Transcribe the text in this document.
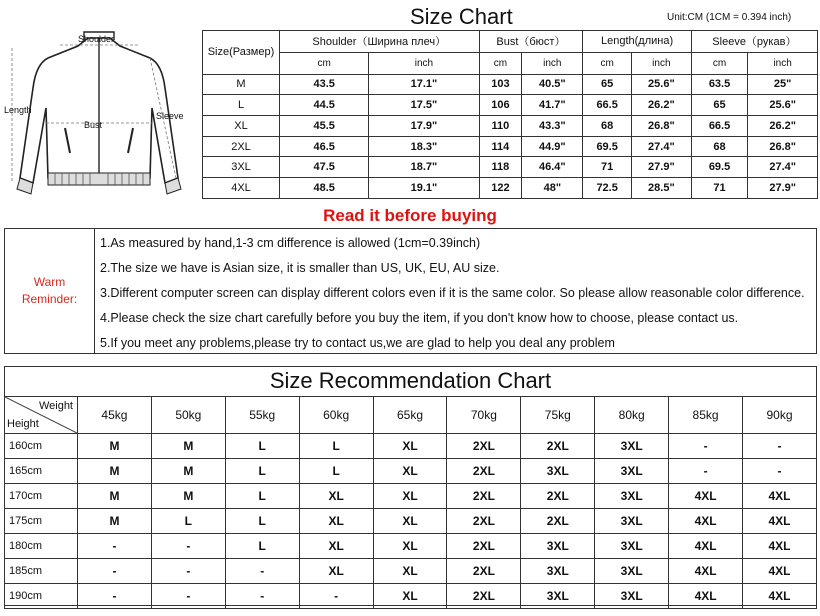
Shoulder
Length
Bust
Sleeve
Size Chart	Unit:CM (1CM = 0.394 inch)
Size(Размер)	Shoulder（Ширина плеч）		Bust（бюст）		Length(длина)		Sleeve（рукав）	
	cm	inch	cm	inch	cm	inch	cm	inch
M	43.5	17.1"	103	40.5"	65	25.6"	63.5	25"
L	44.5	17.5"	106	41.7"	66.5	26.2"	65	25.6"
XL	45.5	17.9"	110	43.3"	68	26.8"	66.5	26.2"
2XL	46.5	18.3"	114	44.9"	69.5	27.4"	68	26.8"
3XL	47.5	18.7"	118	46.4"	71	27.9"	69.5	27.4"
4XL	48.5	19.1"	122	48"	72.5	28.5"	71	27.9"
Read it before buying
Warm
Reminder:
1.As measured by hand,1-3 cm difference is allowed (1cm=0.39inch)
2.The size we have is Asian size, it is smaller than US, UK, EU, AU size.
3.Different computer screen can display different colors even if it is the same color. So please allow reasonable color difference.
4.Please check the size chart carefully before you buy the item, if you don't know how to choose, please contact us.
5.If you meet any problems,please try to contact us,we are glad to help you deal any problem
Size Recommendation Chart
Weight
Height	45kg	50kg	55kg	60kg	65kg	70kg	75kg	80kg	85kg	90kg
160cm	M	M	L	L	XL	2XL	2XL	3XL	-	-
165cm	M	M	L	L	XL	2XL	3XL	3XL	-	-
170cm	M	M	L	XL	XL	2XL	2XL	3XL	4XL	4XL
175cm	M	L	L	XL	XL	2XL	2XL	3XL	4XL	4XL
180cm	-	-	L	XL	XL	2XL	3XL	3XL	4XL	4XL
185cm	-	-	-	XL	XL	2XL	3XL	3XL	4XL	4XL
190cm	-	-	-	-	XL	2XL	3XL	3XL	4XL	4XL
